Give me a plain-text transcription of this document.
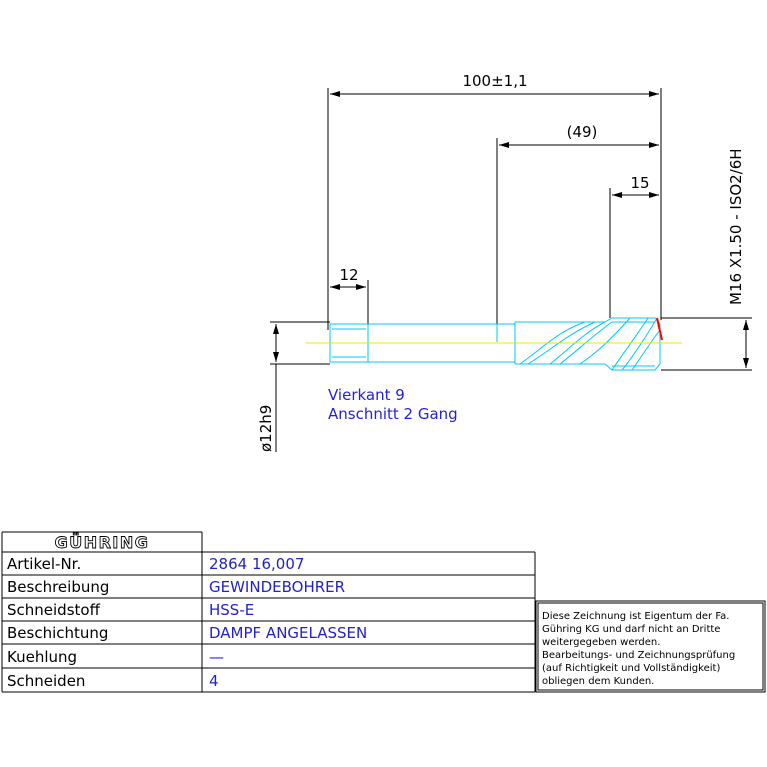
100±1,1
(49)
15
12	M16 X1.50 - ISO2/6H
ø12h9
Vierkant 9
Anschnitt 2 Gang
GÜHRING
Artikel-Nr.	2864 16,007
Beschreibung	GEWINDEBOHRER
Schneidstoff	HSS-E
Beschichtung	DAMPF ANGELASSEN
Kuehlung	—
Schneiden	4
Diese Zeichnung ist Eigentum der Fa.
Gühring KG und darf nicht an Dritte
weitergegeben werden.
Bearbeitungs- und Zeichnungsprüfung
(auf Richtigkeit und Vollständigkeit)
obliegen dem Kunden.
